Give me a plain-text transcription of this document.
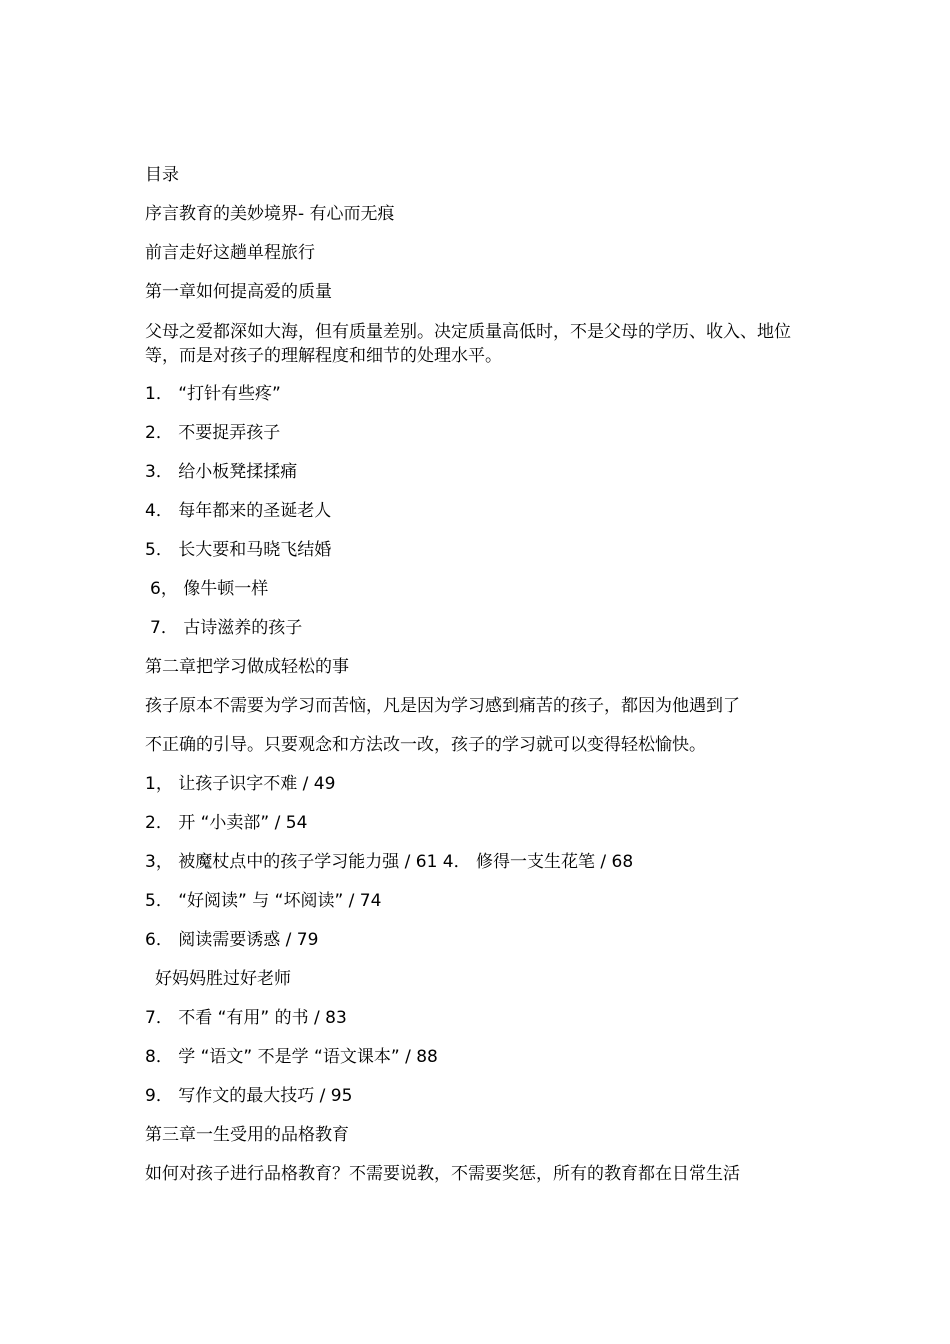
目录
序言教育的美妙境界- 有心而无痕
前言走好这趟单程旅行
第一章如何提高爱的质量
父母之爱都深如大海，但有质量差别。决定质量高低时，不是父母的学历、收入、地位等，而是对孩子的理解程度和细节的处理水平。
1． “打针有些疼”
2． 不要捉弄孩子
3． 给小板凳揉揉痛
4． 每年都来的圣诞老人
5． 长大要和马晓飞结婚
6， 像牛顿一样
7． 古诗滋养的孩子
第二章把学习做成轻松的事
孩子原本不需要为学习而苦恼，凡是因为学习感到痛苦的孩子，都因为他遇到了
不正确的引导。只要观念和方法改一改，孩子的学习就可以变得轻松愉快。
1， 让孩子识字不难 / 49
2． 开 “小卖部” / 54
3， 被魔杖点中的孩子学习能力强 / 61 4． 修得一支生花笔 / 68
5． “好阅读” 与 “坏阅读” / 74
6． 阅读需要诱惑 / 79
好妈妈胜过好老师
7． 不看 “有用” 的书 / 83
8． 学 “语文” 不是学 “语文课本” / 88
9． 写作文的最大技巧 / 95
第三章一生受用的品格教育
如何对孩子进行品格教育？不需要说教，不需要奖惩，所有的教育都在日常生活
